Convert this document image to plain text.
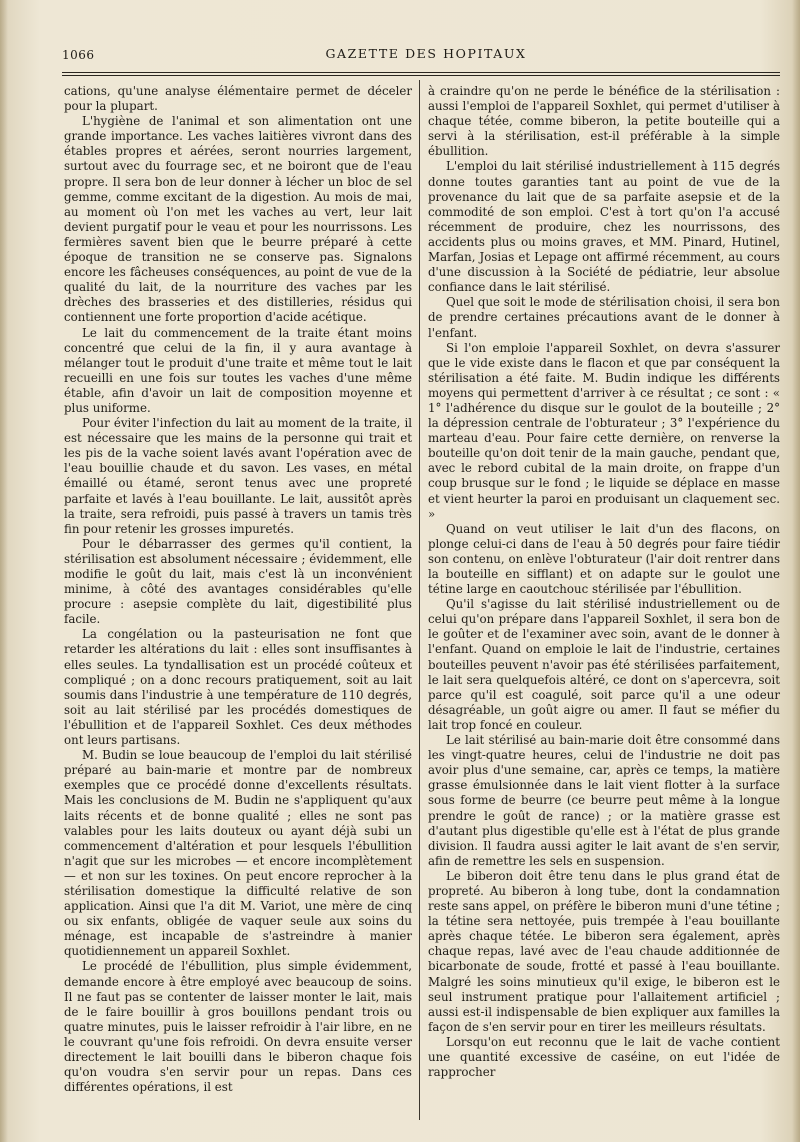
1066	GAZETTE DES HOPITAUX

cations, qu'une analyse élémentaire permet de déceler pour la plupart.

L'hygiène de l'animal et son alimentation ont une grande importance. Les vaches laitières vivront dans des étables propres et aérées, seront nourries largement, surtout avec du fourrage sec, et ne boiront que de l'eau propre. Il sera bon de leur donner à lécher un bloc de sel gemme, comme excitant de la digestion. Au mois de mai, au moment où l'on met les vaches au vert, leur lait devient purgatif pour le veau et pour les nourrissons. Les fermières savent bien que le beurre préparé à cette époque de transition ne se conserve pas. Signalons encore les fâcheuses conséquences, au point de vue de la qualité du lait, de la nourriture des vaches par les drèches des brasseries et des distilleries, résidus qui contiennent une forte proportion d'acide acétique.

Le lait du commencement de la traite étant moins concentré que celui de la fin, il y aura avantage à mélanger tout le produit d'une traite et même tout le lait recueilli en une fois sur toutes les vaches d'une même étable, afin d'avoir un lait de composition moyenne et plus uniforme.

Pour éviter l'infection du lait au moment de la traite, il est nécessaire que les mains de la personne qui trait et les pis de la vache soient lavés avant l'opération avec de l'eau bouillie chaude et du savon. Les vases, en métal émaillé ou étamé, seront tenus avec une propreté parfaite et lavés à l'eau bouillante. Le lait, aussitôt après la traite, sera refroidi, puis passé à travers un tamis très fin pour retenir les grosses impuretés.

Pour le débarrasser des germes qu'il contient, la stérilisation est absolument nécessaire ; évidemment, elle modifie le goût du lait, mais c'est là un inconvénient minime, à côté des avantages considérables qu'elle procure : asepsie complète du lait, digestibilité plus facile.

La congélation ou la pasteurisation ne font que retarder les altérations du lait : elles sont insuffisantes à elles seules. La tyndallisation est un procédé coûteux et compliqué ; on a donc recours pratiquement, soit au lait soumis dans l'industrie à une température de 110 degrés, soit au lait stérilisé par les procédés domestiques de l'ébullition et de l'appareil Soxhlet. Ces deux méthodes ont leurs partisans.

M. Budin se loue beaucoup de l'emploi du lait stérilisé préparé au bain-marie et montre par de nombreux exemples que ce procédé donne d'excellents résultats. Mais les conclusions de M. Budin ne s'appliquent qu'aux laits récents et de bonne qualité ; elles ne sont pas valables pour les laits douteux ou ayant déjà subi un commencement d'altération et pour lesquels l'ébullition n'agit que sur les microbes — et encore incomplètement — et non sur les toxines. On peut encore reprocher à la stérilisation domestique la difficulté relative de son application. Ainsi que l'a dit M. Variot, une mère de cinq ou six enfants, obligée de vaquer seule aux soins du ménage, est incapable de s'astreindre à manier quotidiennement un appareil Soxhlet.

Le procédé de l'ébullition, plus simple évidemment, demande encore à être employé avec beaucoup de soins. Il ne faut pas se contenter de laisser monter le lait, mais de le faire bouillir à gros bouillons pendant trois ou quatre minutes, puis le laisser refroidir à l'air libre, en ne le couvrant qu'une fois refroidi. On devra ensuite verser directement le lait bouilli dans le biberon chaque fois qu'on voudra s'en servir pour un repas. Dans ces différentes opérations, il est

à craindre qu'on ne perde le bénéfice de la stérilisation : aussi l'emploi de l'appareil Soxhlet, qui permet d'utiliser à chaque tétée, comme biberon, la petite bouteille qui a servi à la stérilisation, est-il préférable à la simple ébullition.

L'emploi du lait stérilisé industriellement à 115 degrés donne toutes garanties tant au point de vue de la provenance du lait que de sa parfaite asepsie et de la commodité de son emploi. C'est à tort qu'on l'a accusé récemment de produire, chez les nourrissons, des accidents plus ou moins graves, et MM. Pinard, Hutinel, Marfan, Josias et Lepage ont affirmé récemment, au cours d'une discussion à la Société de pédiatrie, leur absolue confiance dans le lait stérilisé.

Quel que soit le mode de stérilisation choisi, il sera bon de prendre certaines précautions avant de le donner à l'enfant.

Si l'on emploie l'appareil Soxhlet, on devra s'assurer que le vide existe dans le flacon et que par conséquent la stérilisation a été faite. M. Budin indique les différents moyens qui permettent d'arriver à ce résultat ; ce sont : « 1° l'adhérence du disque sur le goulot de la bouteille ; 2° la dépression centrale de l'obturateur ; 3° l'expérience du marteau d'eau. Pour faire cette dernière, on renverse la bouteille qu'on doit tenir de la main gauche, pendant que, avec le rebord cubital de la main droite, on frappe d'un coup brusque sur le fond ; le liquide se déplace en masse et vient heurter la paroi en produisant un claquement sec. »

Quand on veut utiliser le lait d'un des flacons, on plonge celui-ci dans de l'eau à 50 degrés pour faire tiédir son contenu, on enlève l'obturateur (l'air doit rentrer dans la bouteille en sifflant) et on adapte sur le goulot une tétine large en caoutchouc stérilisée par l'ébullition.

Qu'il s'agisse du lait stérilisé industriellement ou de celui qu'on prépare dans l'appareil Soxhlet, il sera bon de le goûter et de l'examiner avec soin, avant de le donner à l'enfant. Quand on emploie le lait de l'industrie, certaines bouteilles peuvent n'avoir pas été stérilisées parfaitement, le lait sera quelquefois altéré, ce dont on s'apercevra, soit parce qu'il est coagulé, soit parce qu'il a une odeur désagréable, un goût aigre ou amer. Il faut se méfier du lait trop foncé en couleur.

Le lait stérilisé au bain-marie doit être consommé dans les vingt-quatre heures, celui de l'industrie ne doit pas avoir plus d'une semaine, car, après ce temps, la matière grasse émulsionnée dans le lait vient flotter à la surface sous forme de beurre (ce beurre peut même à la longue prendre le goût de rance) ; or la matière grasse est d'autant plus digestible qu'elle est à l'état de plus grande division. Il faudra aussi agiter le lait avant de s'en servir, afin de remettre les sels en suspension.

Le biberon doit être tenu dans le plus grand état de propreté. Au biberon à long tube, dont la condamnation reste sans appel, on préfère le biberon muni d'une tétine ; la tétine sera nettoyée, puis trempée à l'eau bouillante après chaque tétée. Le biberon sera également, après chaque repas, lavé avec de l'eau chaude additionnée de bicarbonate de soude, frotté et passé à l'eau bouillante. Malgré les soins minutieux qu'il exige, le biberon est le seul instrument pratique pour l'allaitement artificiel ; aussi est-il indispensable de bien expliquer aux familles la façon de s'en servir pour en tirer les meilleurs résultats.

Lorsqu'on eut reconnu que le lait de vache contient une quantité excessive de caséine, on eut l'idée de rapprocher
